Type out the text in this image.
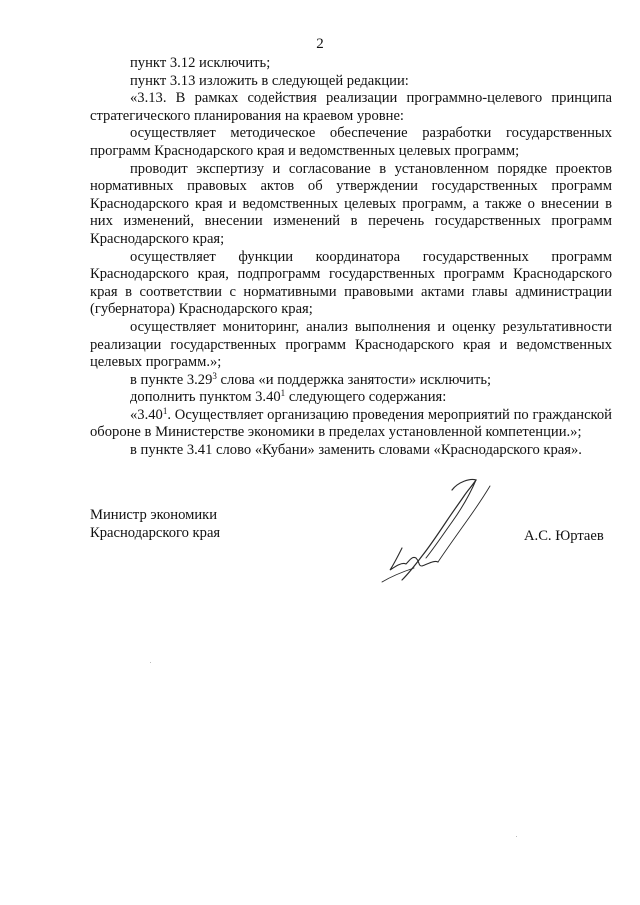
2

пункт 3.12 исключить;

пункт 3.13 изложить в следующей редакции:

«3.13. В рамках содействия реализации программно-целевого принципа стратегического планирования на краевом уровне:

осуществляет методическое обеспечение разработки государственных программ Краснодарского края и ведомственных целевых программ;

проводит экспертизу и согласование в установленном порядке проектов нормативных правовых актов об утверждении государственных программ Краснодарского края и ведомственных целевых программ, а также о внесении в них изменений, внесении изменений в перечень государственных программ Краснодарского края;

осуществляет функции координатора государственных программ Краснодарского края, подпрограмм государственных программ Краснодарского края в соответствии с нормативными правовыми актами главы администрации (губернатора) Краснодарского края;

осуществляет мониторинг, анализ выполнения и оценку результативности реализации государственных программ Краснодарского края и ведомственных целевых программ.»;

в пункте 3.29$^3$ слова «и поддержка занятости» исключить;

дополнить пунктом 3.40$^1$ следующего содержания:

«3.40$^1$. Осуществляет организацию проведения мероприятий по гражданской обороне в Министерстве экономики в пределах установленной компетенции.»;

в пункте 3.41 слово «Кубани» заменить словами «Краснодарского края».

Министр экономики
Краснодарского края	А.С. Юртаев
